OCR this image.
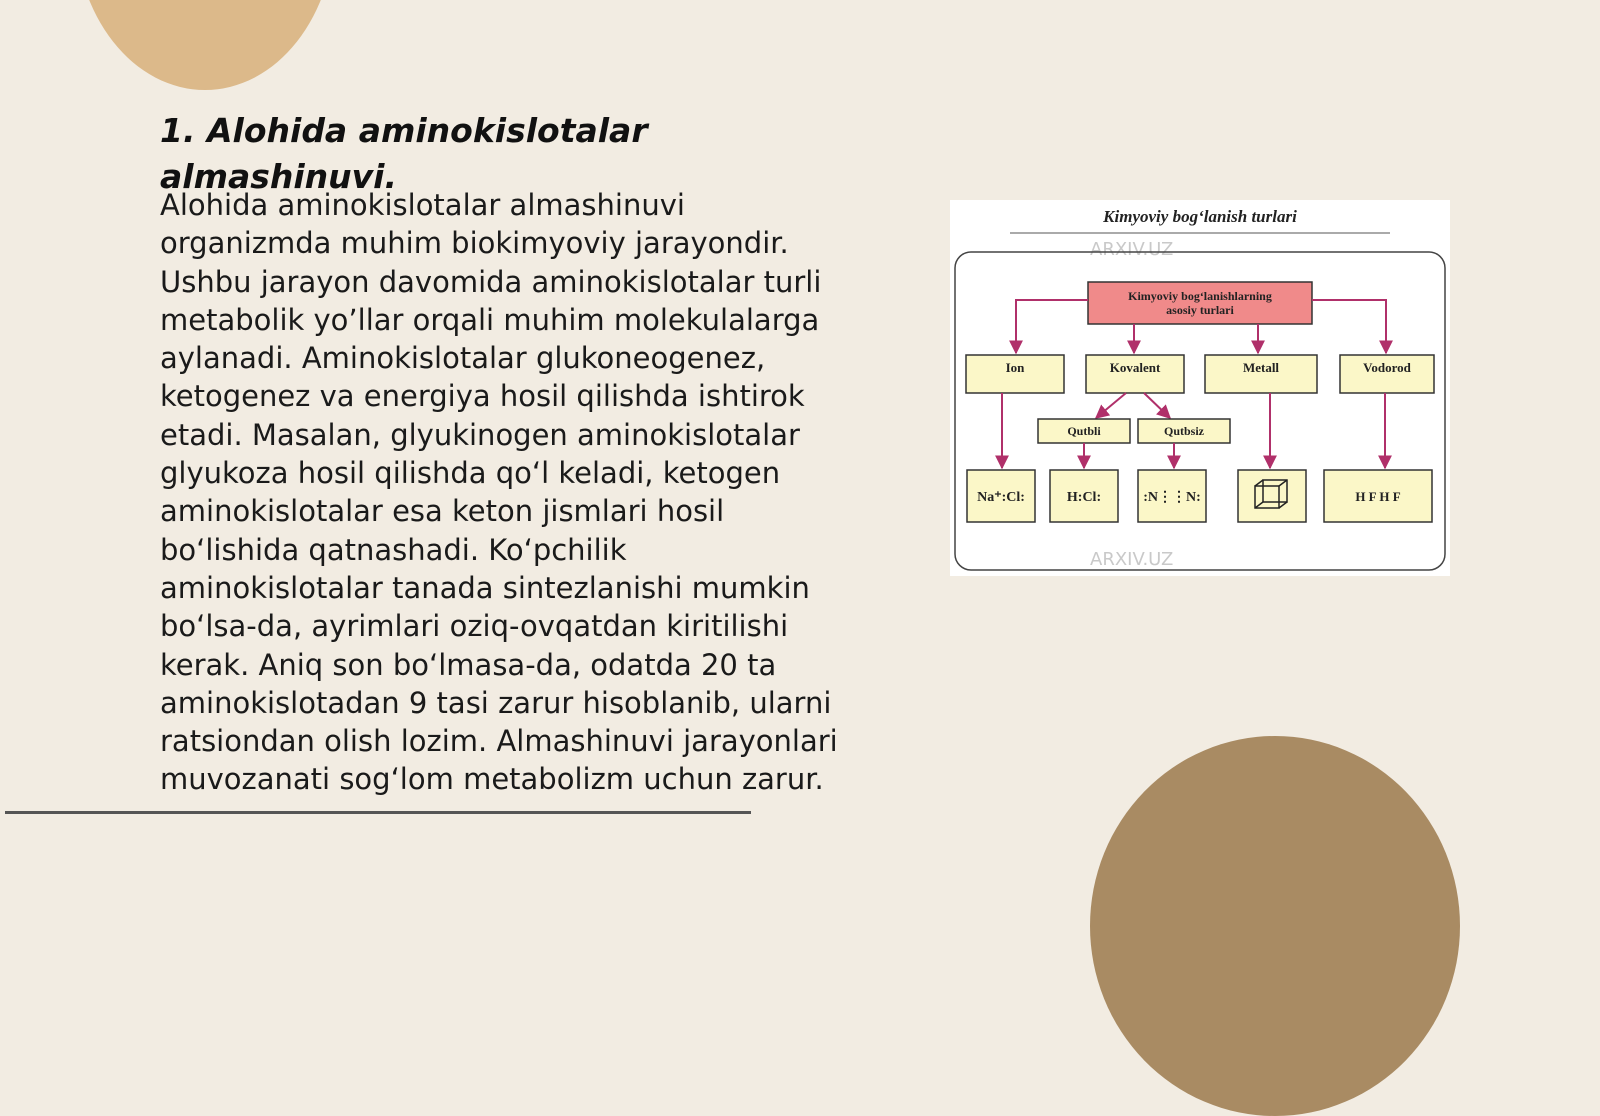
1. Alohida aminokislotalar almashinuvi.

Alohida aminokislotalar almashinuvi organizmda muhim biokimyoviy jarayondir. Ushbu jarayon davomida aminokislotalar turli metabolik yo’llar orqali muhim molekulalarga aylanadi. Aminokislotalar glukoneogenez, ketogenez va energiya hosil qilishda ishtirok etadi. Masalan, glyukinogen aminokislotalar glyukoza hosil qilishda qo‘l keladi, ketogen aminokislotalar esa keton jismlari hosil bo‘lishida qatnashadi. Ko‘pchilik aminokislotalar tanada sintezlanishi mumkin bo‘lsa-da, ayrimlari oziq-ovqatdan kiritilishi kerak. Aniq son bo‘lmasa-da, odatda 20 ta aminokislotadan 9 tasi zarur hisoblanib, ularni ratsiondan olish lozim. Almashinuvi jarayonlari muvozanati sog‘lom metabolizm uchun zarur.

Kimyoviy bog‘lanish turlari
ARXIV.UZ
Kimyoviy bog‘lanishlarning
asosiy turlari
Ion	Kovalent	Metall	Vodorod
Qutbli	Qutbsiz
Na⁺:Cl:	H:Cl:	:N⋮⋮N:	H F H F
ARXIV.UZ
